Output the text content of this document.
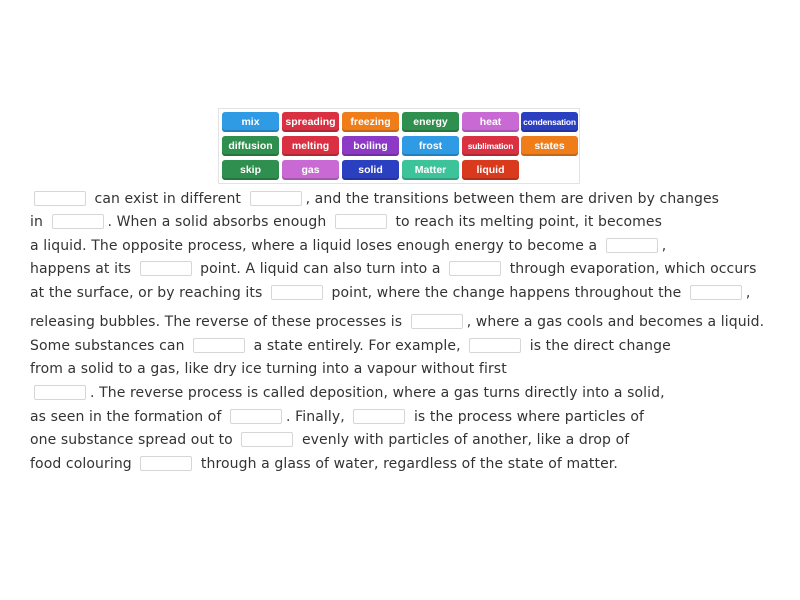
mix	spreading	freezing	energy	heat	condensation
diffusion	melting	boiling	frost	sublimation	states
skip	gas	solid	Matter	liquid
can exist in different	, and the transitions between them are driven by changes
in	. When a solid absorbs enough	to reach its melting point, it becomes
a liquid. The opposite process, where a liquid loses enough energy to become a	,
happens at its	point. A liquid can also turn into a	through evaporation, which occurs
at the surface, or by reaching its	point, where the change happens throughout the	,
releasing bubbles. The reverse of these processes is	, where a gas cools and becomes a liquid.
Some substances can	a state entirely. For example,	is the direct change
from a solid to a gas, like dry ice turning into a vapour without first
. The reverse process is called deposition, where a gas turns directly into a solid,
as seen in the formation of	. Finally,	is the process where particles of
one substance spread out to	evenly with particles of another, like a drop of
food colouring	through a glass of water, regardless of the state of matter.
